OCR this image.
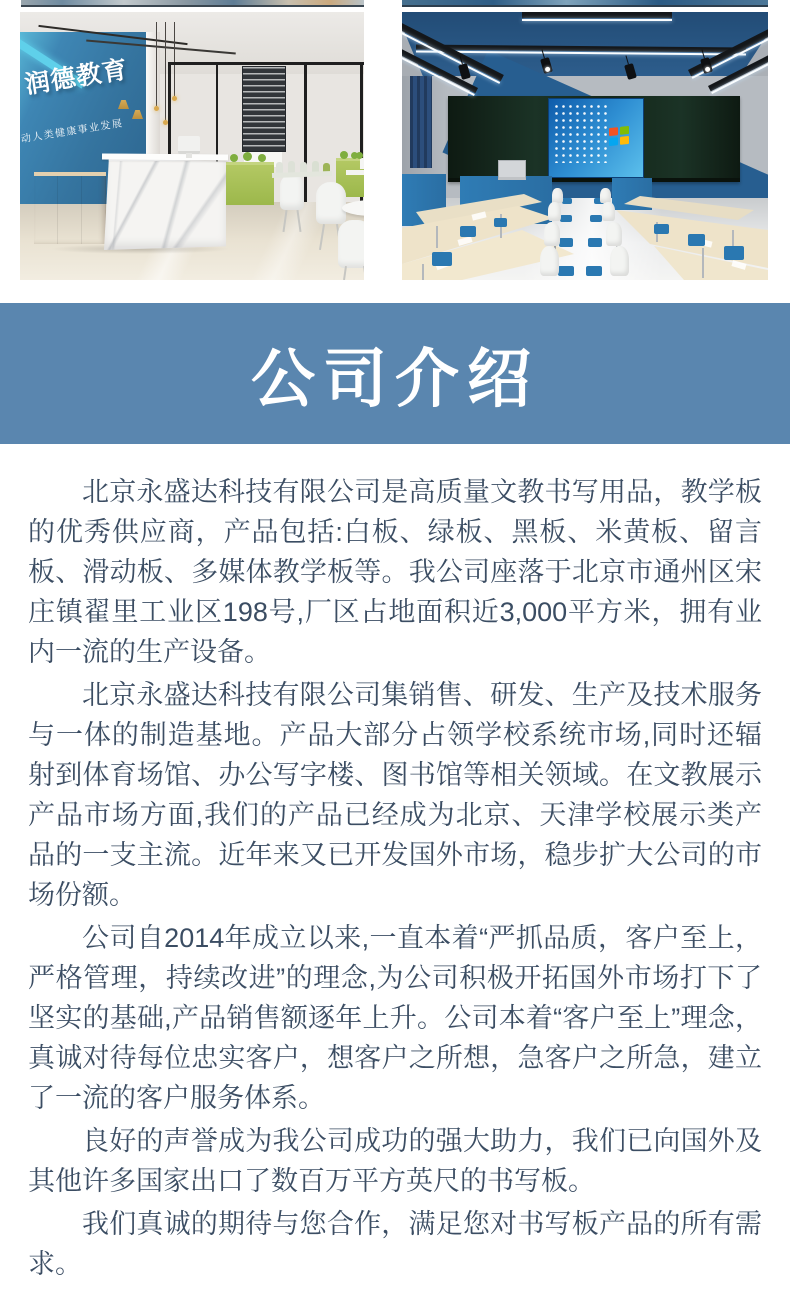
润德教育
动人类健康事业发展
公司介绍

北京永盛达科技有限公司是高质量文教书写用品，教学板的优秀供应商，产品包括:白板、绿板、黑板、米黄板、留言板、滑动板、多媒体教学板等。我公司座落于北京市通州区宋庄镇翟里工业区198号,厂区占地面积近3,000平方米，拥有业内一流的生产设备。

北京永盛达科技有限公司集销售、研发、生产及技术服务与一体的制造基地。产品大部分占领学校系统市场,同时还辐射到体育场馆、办公写字楼、图书馆等相关领域。在文教展示产品市场方面,我们的产品已经成为北京、天津学校展示类产品的一支主流。近年来又已开发国外市场，稳步扩大公司的市场份额。

公司自2014年成立以来,一直本着“严抓品质，客户至上，严格管理，持续改进”的理念,为公司积极开拓国外市场打下了坚实的基础,产品销售额逐年上升。公司本着“客户至上”理念，真诚对待每位忠实客户，想客户之所想，急客户之所急，建立了一流的客户服务体系。

良好的声誉成为我公司成功的强大助力，我们已向国外及其他许多国家出口了数百万平方英尺的书写板。

我们真诚的期待与您合作，满足您对书写板产品的所有需求。
